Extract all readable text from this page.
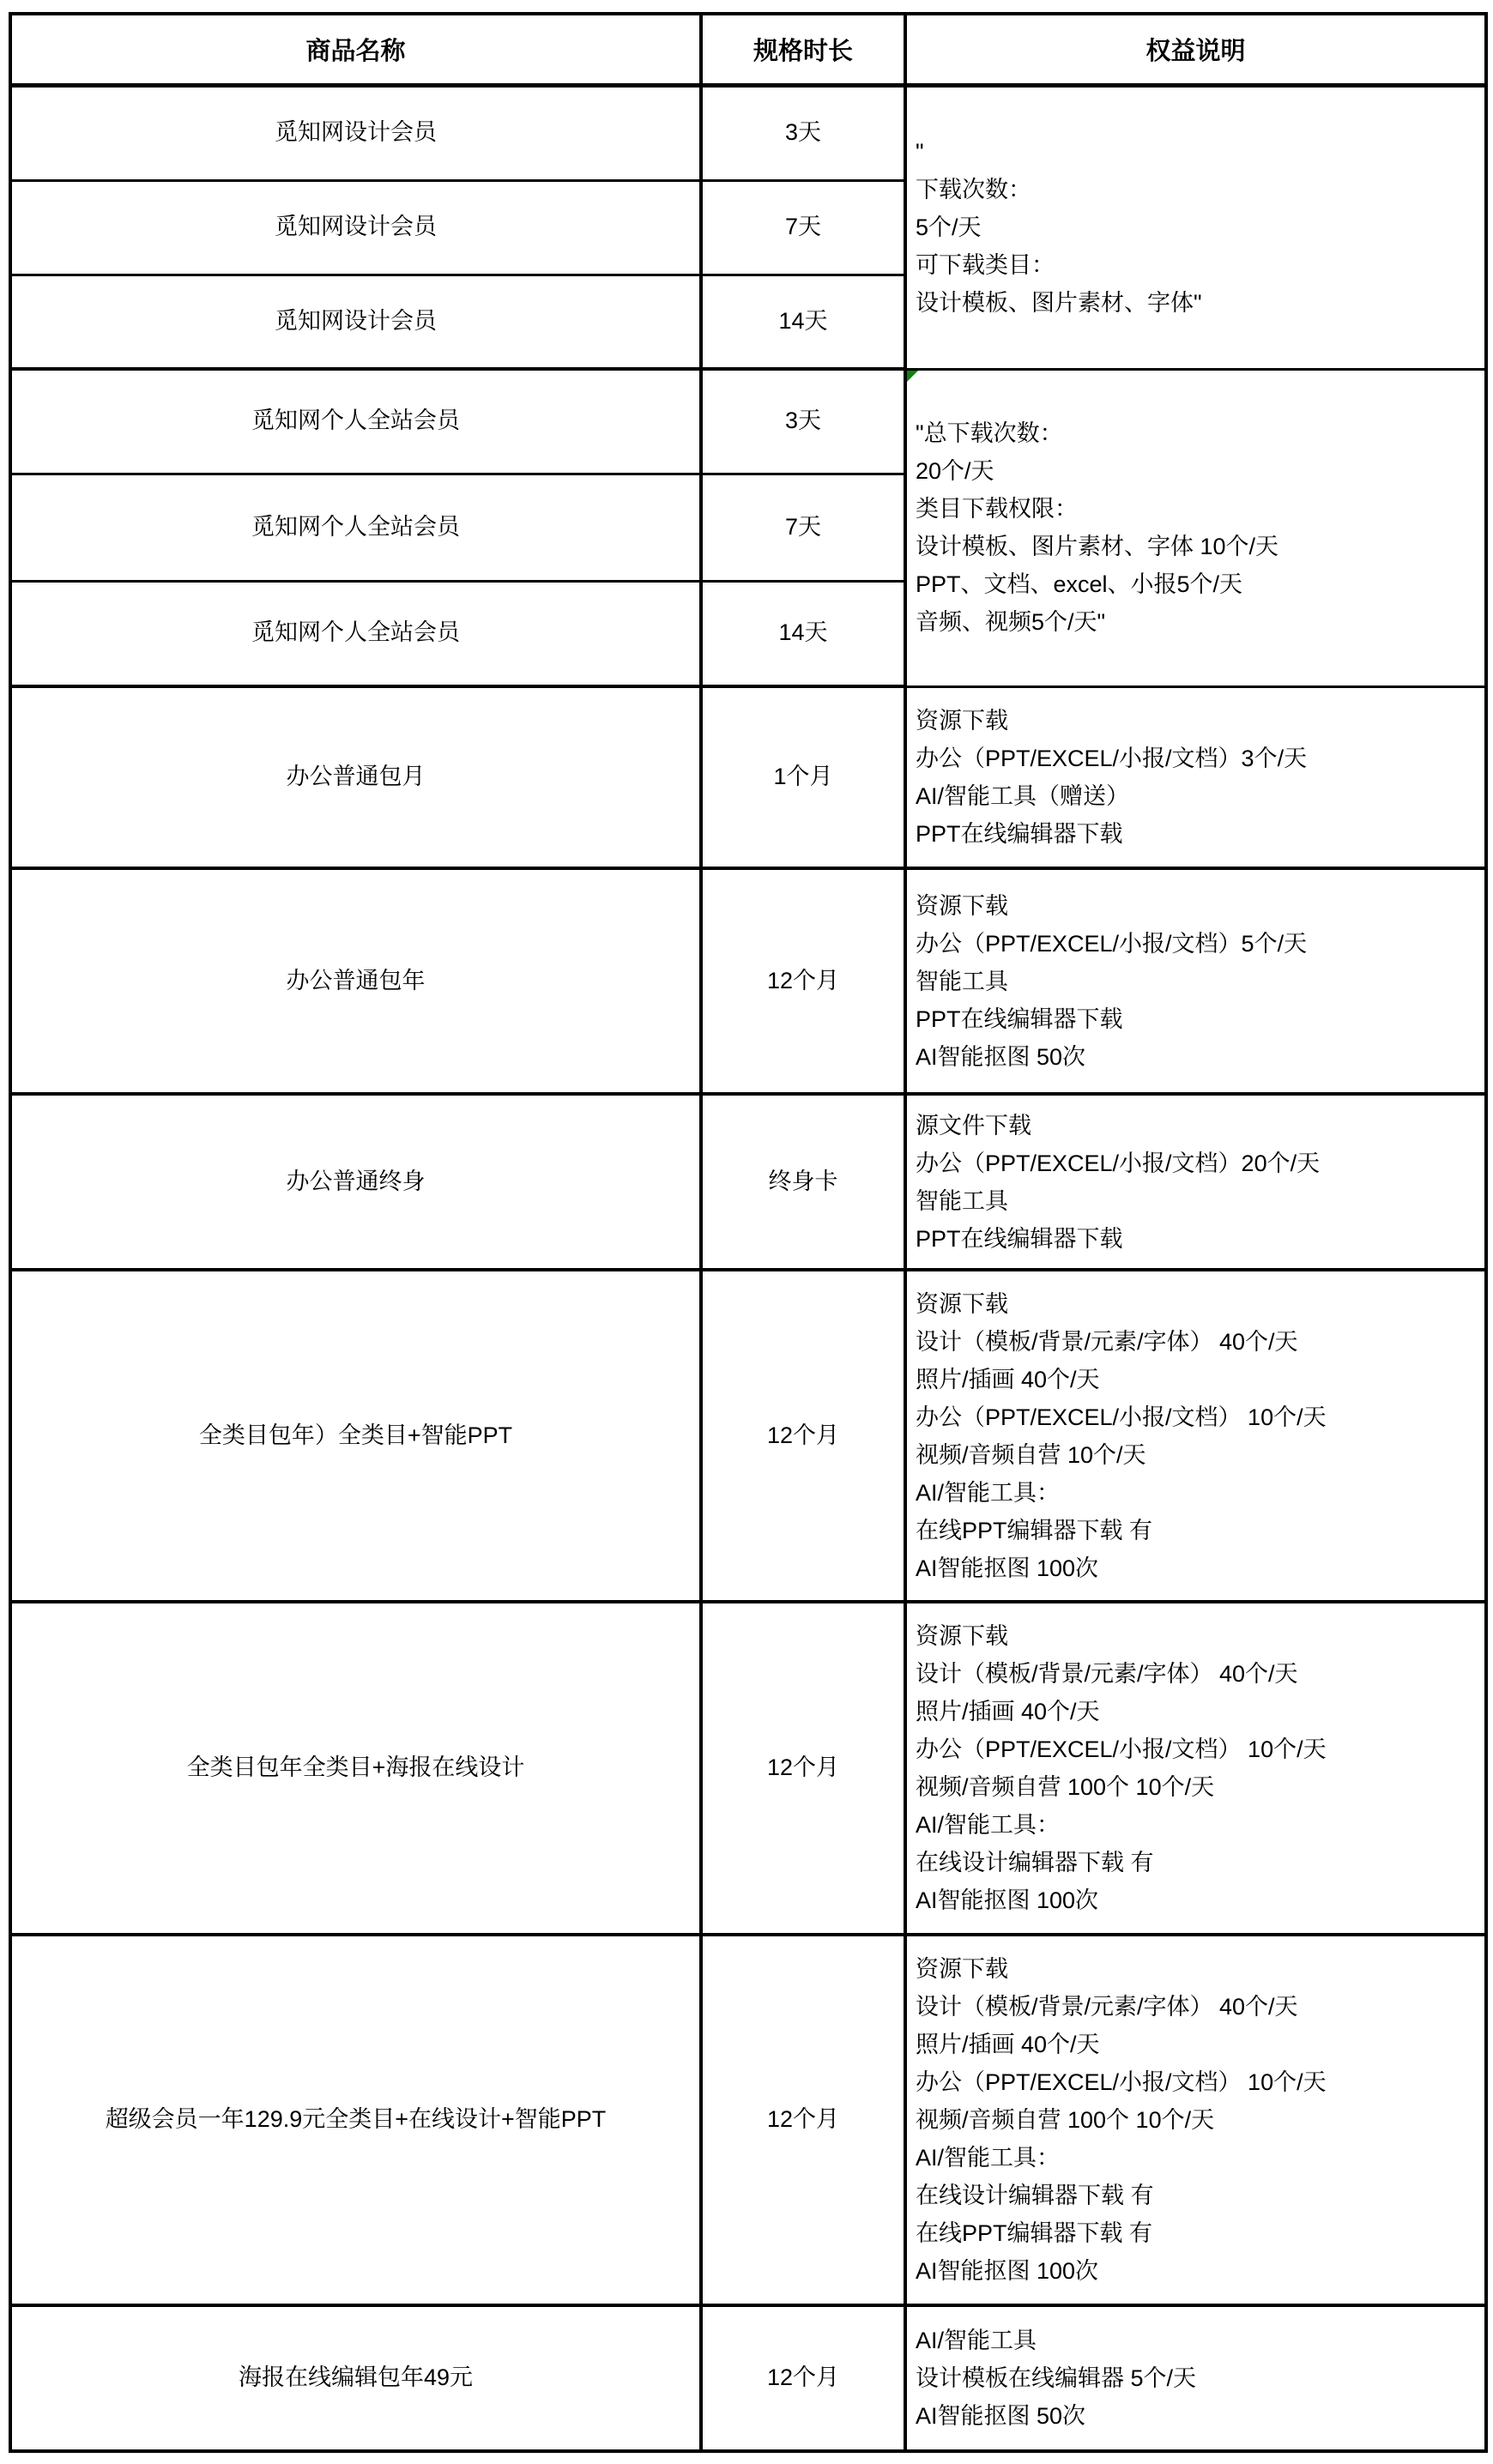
商品名称	规格时长	权益说明
觅知网设计会员	3天	"
下载次数：
5个/天
可下载类目：
设计模板、图片素材、字体"

觅知网设计会员	7天	
觅知网设计会员	14天	
觅知网个人全站会员	3天	"总下载次数：
20个/天
类目下载权限：
设计模板、图片素材、字体 10个/天
PPT、文档、excel、小报5个/天
音频、视频5个/天"

觅知网个人全站会员	7天	
觅知网个人全站会员	14天	
办公普通包月	1个月	资源下载
办公（PPT/EXCEL/小报/文档）3个/天
AI/智能工具（赠送）
PPT在线编辑器下载

办公普通包年	12个月	资源下载
办公（PPT/EXCEL/小报/文档）5个/天
智能工具
PPT在线编辑器下载
AI智能抠图 50次

办公普通终身	终身卡	源文件下载
办公（PPT/EXCEL/小报/文档）20个/天
智能工具
PPT在线编辑器下载

全类目包年）全类目+智能PPT	12个月	
资源下载
设计（模板/背景/元素/字体） 40个/天
照片/插画 40个/天
办公（PPT/EXCEL/小报/文档） 10个/天
视频/音频自营 10个/天
AI/智能工具：
在线PPT编辑器下载 有
AI智能抠图 100次

全类目包年全类目+海报在线设计	12个月	
资源下载
设计（模板/背景/元素/字体） 40个/天
照片/插画 40个/天
办公（PPT/EXCEL/小报/文档） 10个/天
视频/音频自营 100个 10个/天
AI/智能工具：
在线设计编辑器下载 有
AI智能抠图 100次

超级会员一年129.9元全类目+在线设计+智能PPT	12个月	
资源下载
设计（模板/背景/元素/字体） 40个/天
照片/插画 40个/天
办公（PPT/EXCEL/小报/文档） 10个/天
视频/音频自营 100个 10个/天
AI/智能工具：
在线设计编辑器下载 有
在线PPT编辑器下载 有
AI智能抠图 100次

海报在线编辑包年49元	12个月	AI/智能工具
设计模板在线编辑器 5个/天
AI智能抠图 50次
